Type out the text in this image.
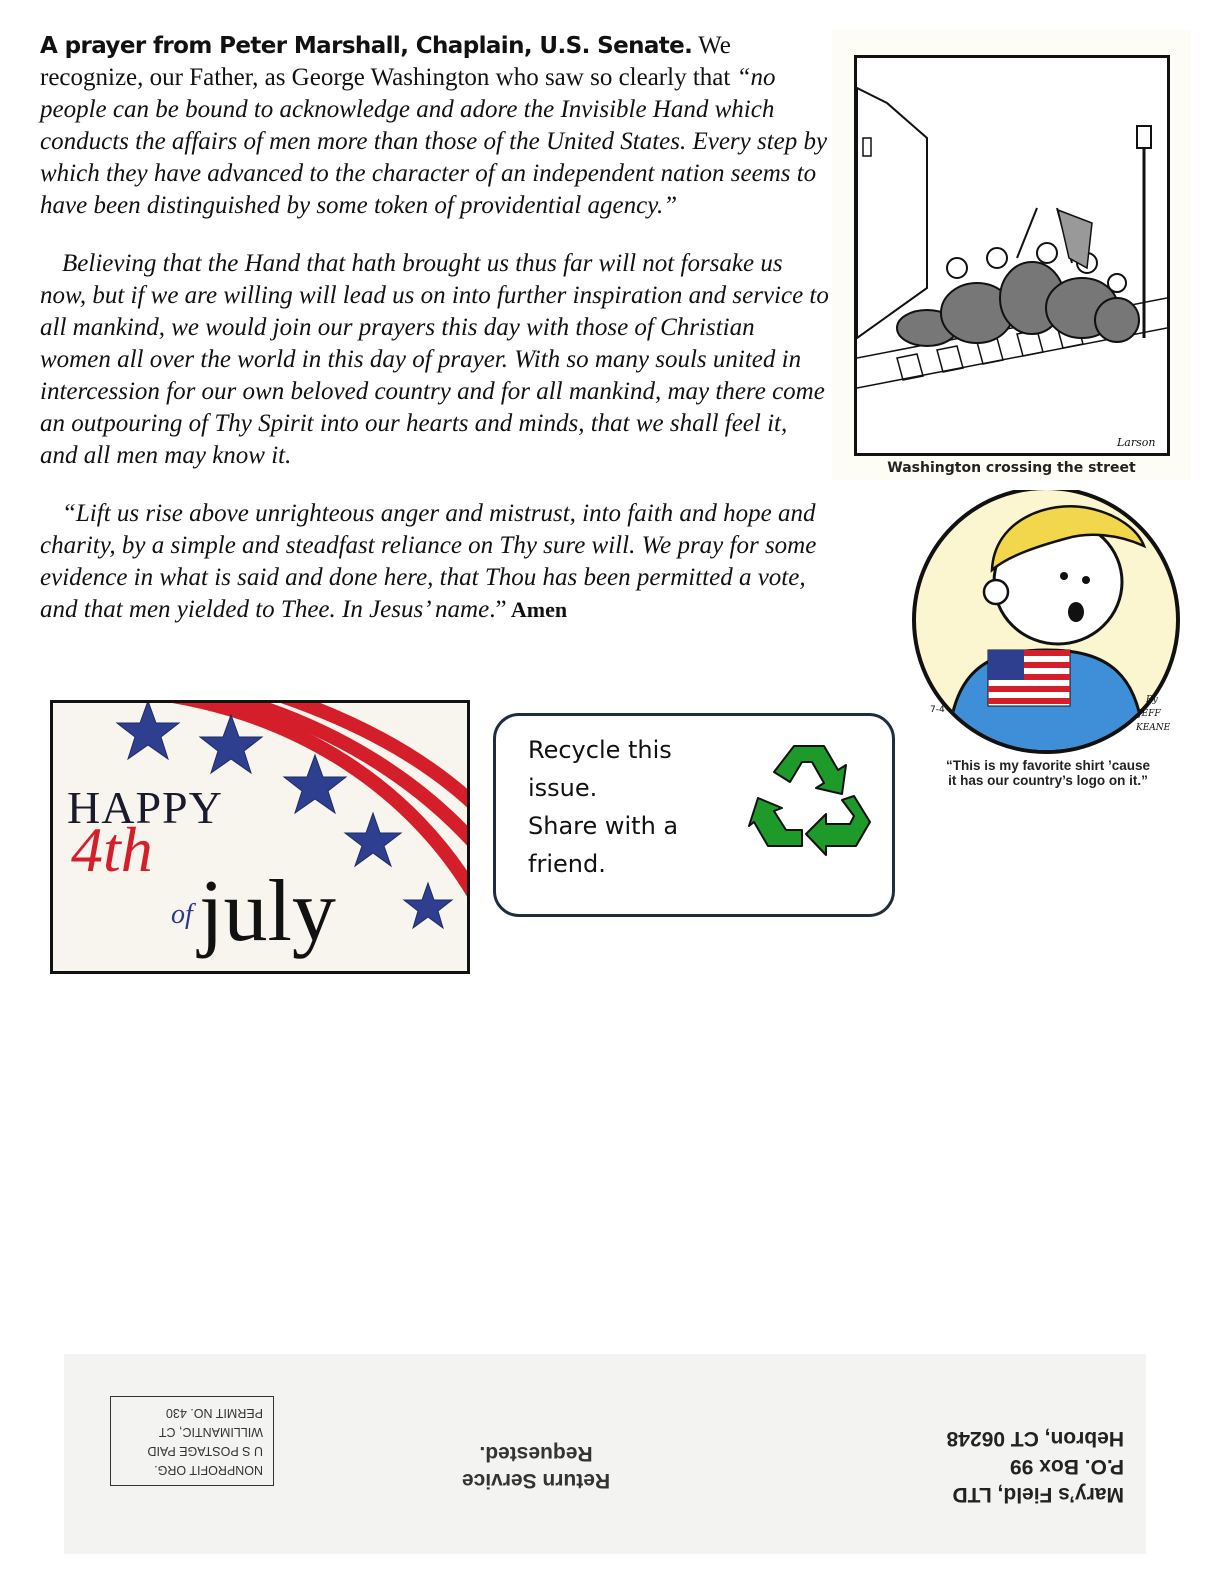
A prayer from Peter Marshall, Chaplain, U.S. Senate. We recognize, our Father, as George Washington who saw so clearly that “no people can be bound to acknowledge and adore the Invisible Hand which conducts the affairs of men more than those of the United States. Every step by which they have advanced to the character of an independent nation seems to have been distinguished by some token of providential agency.”

Believing that the Hand that hath brought us thus far will not forsake us now, but if we are willing will lead us on into further inspiration and service to all mankind, we would join our prayers this day with those of Christian women all over the world in this day of prayer. With so many souls united in intercession for our own beloved country and for all mankind, may there come an outpouring of Thy Spirit into our hearts and minds, that we shall feel it, and all men may know it.

“Lift us rise above unrighteous anger and mistrust, into faith and hope and charity, by a simple and steadfast reliance on Thy sure will. We pray for some evidence in what is said and done here, that Thou has been permitted a vote, and that men yielded to Thee. In Jesus’ name.” Amen

Larson
Washington crossing the street
7-4
By
JEFF
KEANE
“This is my favorite shirt ’cause
it has our country’s logo on it.”
HAPPY
4th
of july
Recycle this
issue.
Share with a
friend.
NONPROFIT ORG.
U S POSTAGE PAID
WILLIMANTIC, CT
PERMIT NO. 430
Return Service
Requested.
Mary’s Field, LTD
P.O. Box 99
Hebron, CT 06248
